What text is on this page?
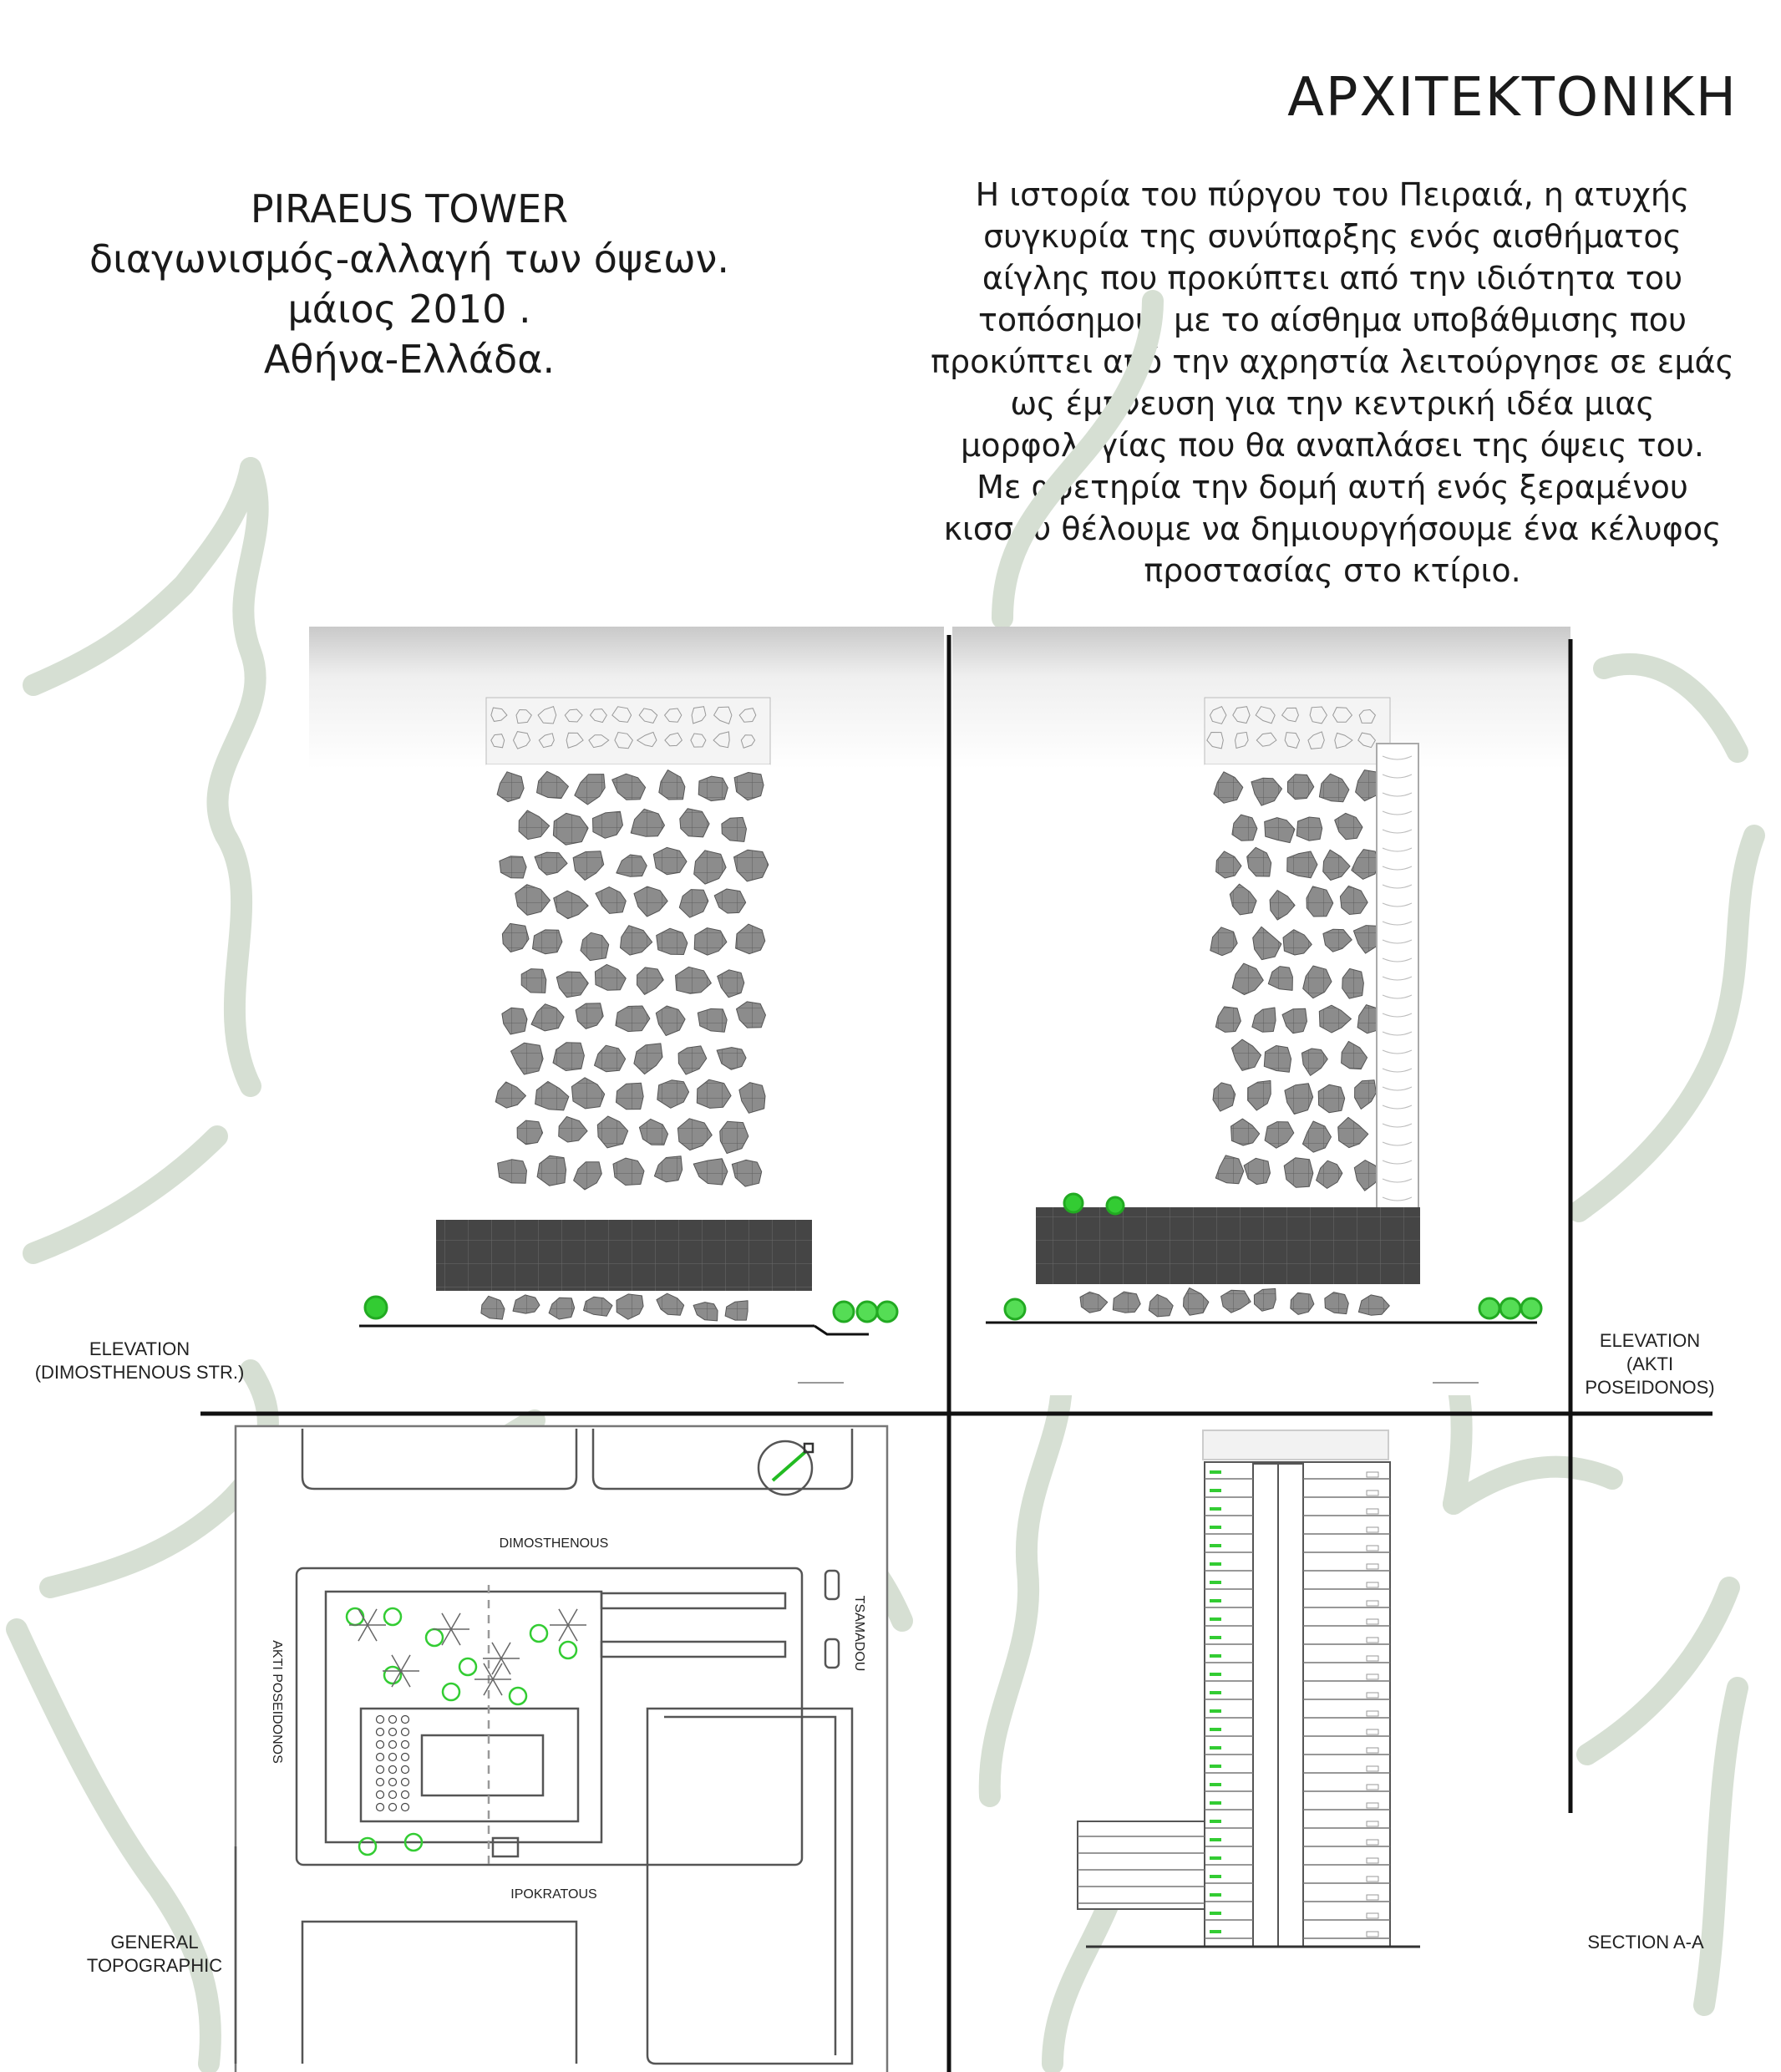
ΑΡΧΙΤΕΚΤΟΝΙΚΗ
PIRAEUS TOWER
διαγωνισμός-αλλαγή των όψεων.
μάιος 2010 .
Αθήνα-Ελλάδα.
Η ιστορία του πύργου του Πειραιά, η ατυχής
συγκυρία της συνύπαρξης ενός αισθήματος
αίγλης που προκύπτει από την ιδιότητα του
τοπόσημου, με το αίσθημα υποβάθμισης που
προκύπτει από την αχρηστία λειτούργησε σε εμάς
ως έμπνευση για την κεντρική ιδέα μιας
μορφολογίας που θα αναπλάσει της όψεις του.
Με αφετηρία την δομή αυτή ενός ξεραμένου
κισσού θέλουμε να δημιουργήσουμε ένα κέλυφος
προστασίας στο κτίριο.
ELEVATION
(DIMOSTHENOUS STR.)
ELEVATION
(AKTI
POSEIDONOS)
GENERAL
TOPOGRAPHIC
SECTION A-A
DIMOSTHENOUS
IPOKRATOUS
AKTI POSEIDONOS
TSAMADOU
